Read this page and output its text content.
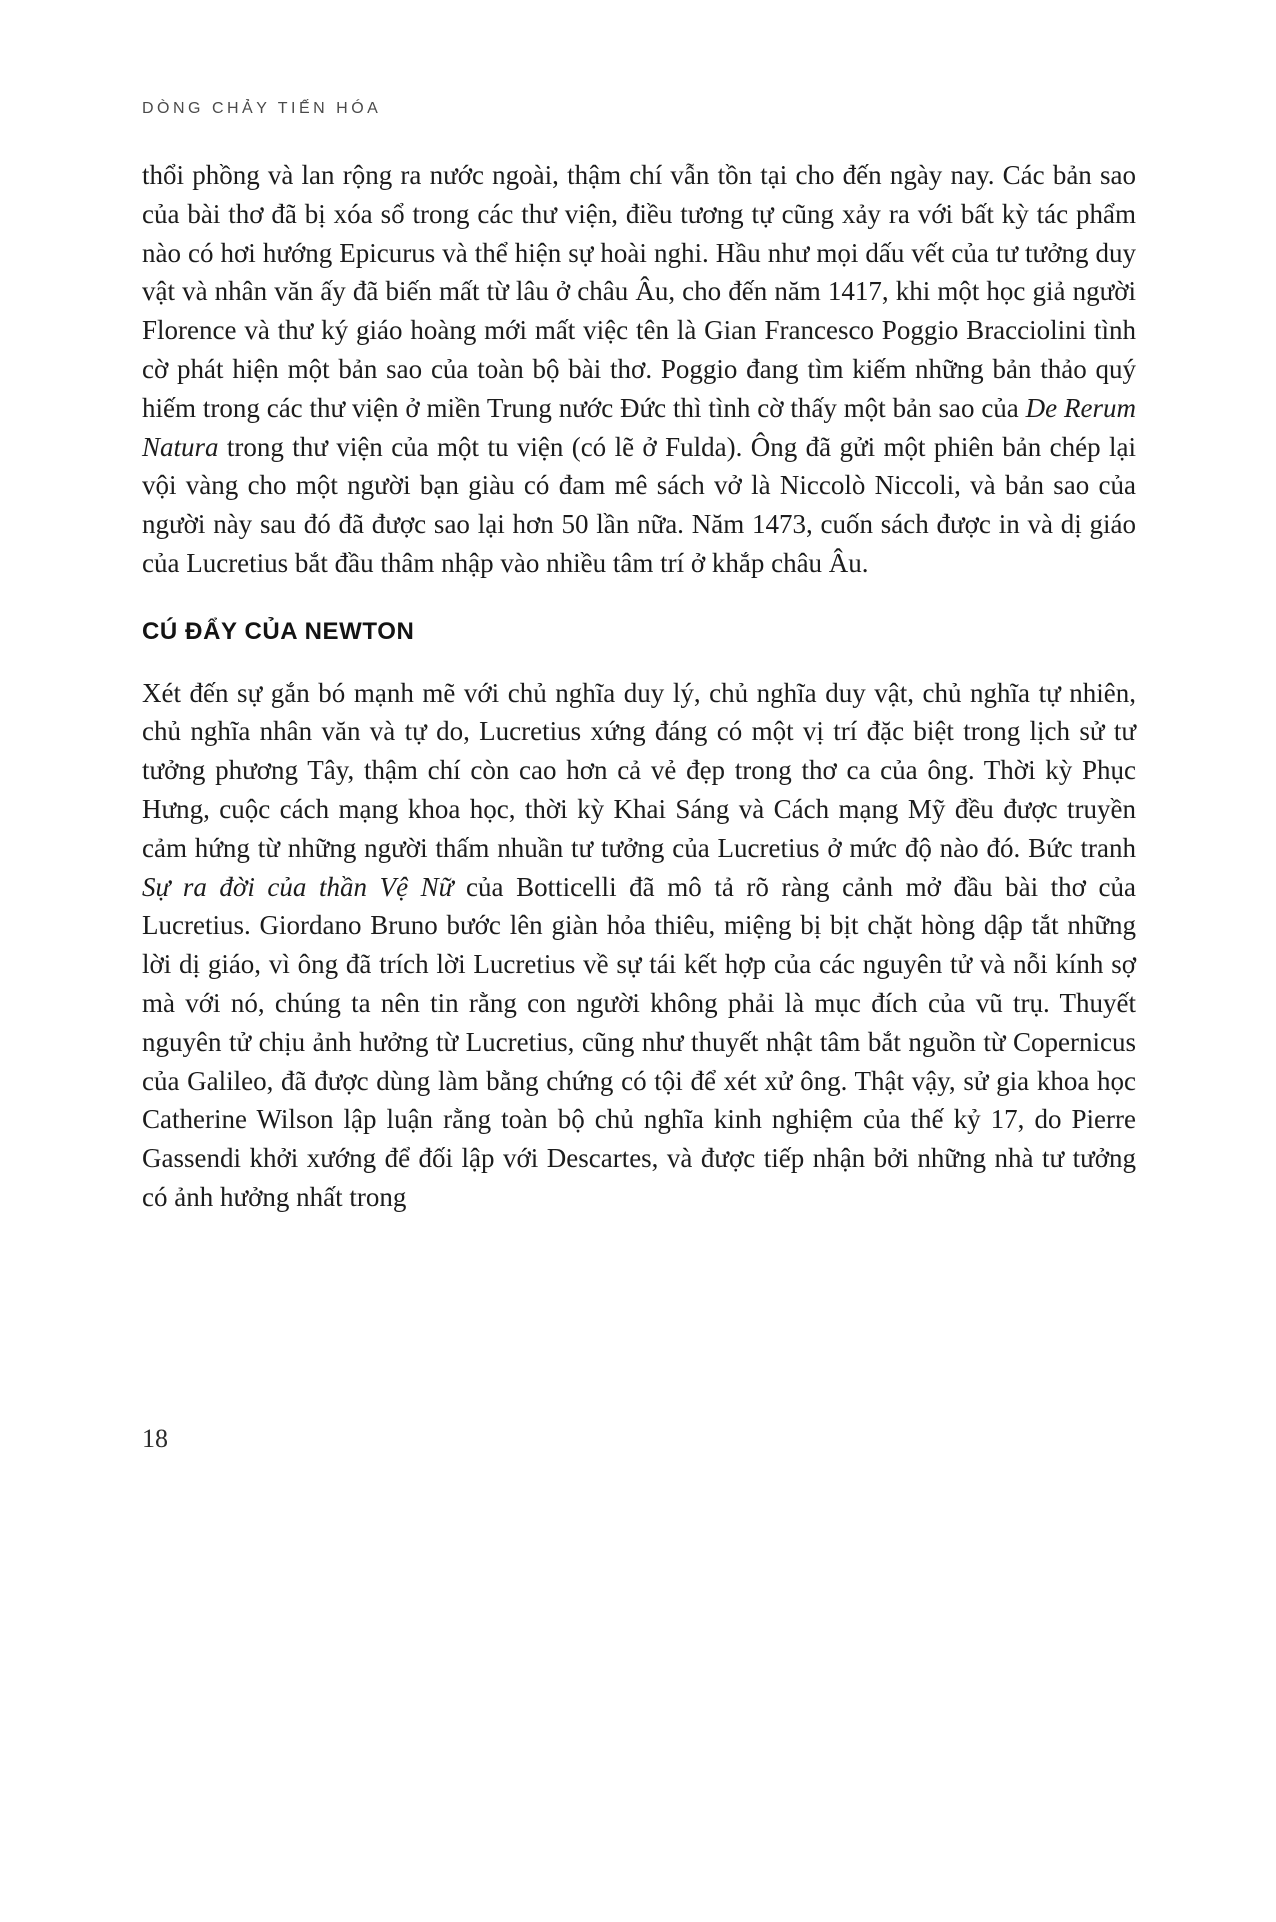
DÒNG CHẢY TIẾN HÓA

thổi phồng và lan rộng ra nước ngoài, thậm chí vẫn tồn tại cho đến ngày nay. Các bản sao của bài thơ đã bị xóa sổ trong các thư viện, điều tương tự cũng xảy ra với bất kỳ tác phẩm nào có hơi hướng Epicurus và thể hiện sự hoài nghi. Hầu như mọi dấu vết của tư tưởng duy vật và nhân văn ấy đã biến mất từ lâu ở châu Âu, cho đến năm 1417, khi một học giả người Florence và thư ký giáo hoàng mới mất việc tên là Gian Francesco Poggio Bracciolini tình cờ phát hiện một bản sao của toàn bộ bài thơ. Poggio đang tìm kiếm những bản thảo quý hiếm trong các thư viện ở miền Trung nước Đức thì tình cờ thấy một bản sao của De Rerum Natura trong thư viện của một tu viện (có lẽ ở Fulda). Ông đã gửi một phiên bản chép lại vội vàng cho một người bạn giàu có đam mê sách vở là Niccolò Niccoli, và bản sao của người này sau đó đã được sao lại hơn 50 lần nữa. Năm 1473, cuốn sách được in và dị giáo của Lucretius bắt đầu thâm nhập vào nhiều tâm trí ở khắp châu Âu.

CÚ ĐẨY CỦA NEWTON

Xét đến sự gắn bó mạnh mẽ với chủ nghĩa duy lý, chủ nghĩa duy vật, chủ nghĩa tự nhiên, chủ nghĩa nhân văn và tự do, Lucretius xứng đáng có một vị trí đặc biệt trong lịch sử tư tưởng phương Tây, thậm chí còn cao hơn cả vẻ đẹp trong thơ ca của ông. Thời kỳ Phục Hưng, cuộc cách mạng khoa học, thời kỳ Khai Sáng và Cách mạng Mỹ đều được truyền cảm hứng từ những người thấm nhuần tư tưởng của Lucretius ở mức độ nào đó. Bức tranh Sự ra đời của thần Vệ Nữ của Botticelli đã mô tả rõ ràng cảnh mở đầu bài thơ của Lucretius. Giordano Bruno bước lên giàn hỏa thiêu, miệng bị bịt chặt hòng dập tắt những lời dị giáo, vì ông đã trích lời Lucretius về sự tái kết hợp của các nguyên tử và nỗi kính sợ mà với nó, chúng ta nên tin rằng con người không phải là mục đích của vũ trụ. Thuyết nguyên tử chịu ảnh hưởng từ Lucretius, cũng như thuyết nhật tâm bắt nguồn từ Copernicus của Galileo, đã được dùng làm bằng chứng có tội để xét xử ông. Thật vậy, sử gia khoa học Catherine Wilson lập luận rằng toàn bộ chủ nghĩa kinh nghiệm của thế kỷ 17, do Pierre Gassendi khởi xướng để đối lập với Descartes, và được tiếp nhận bởi những nhà tư tưởng có ảnh hưởng nhất trong

18
